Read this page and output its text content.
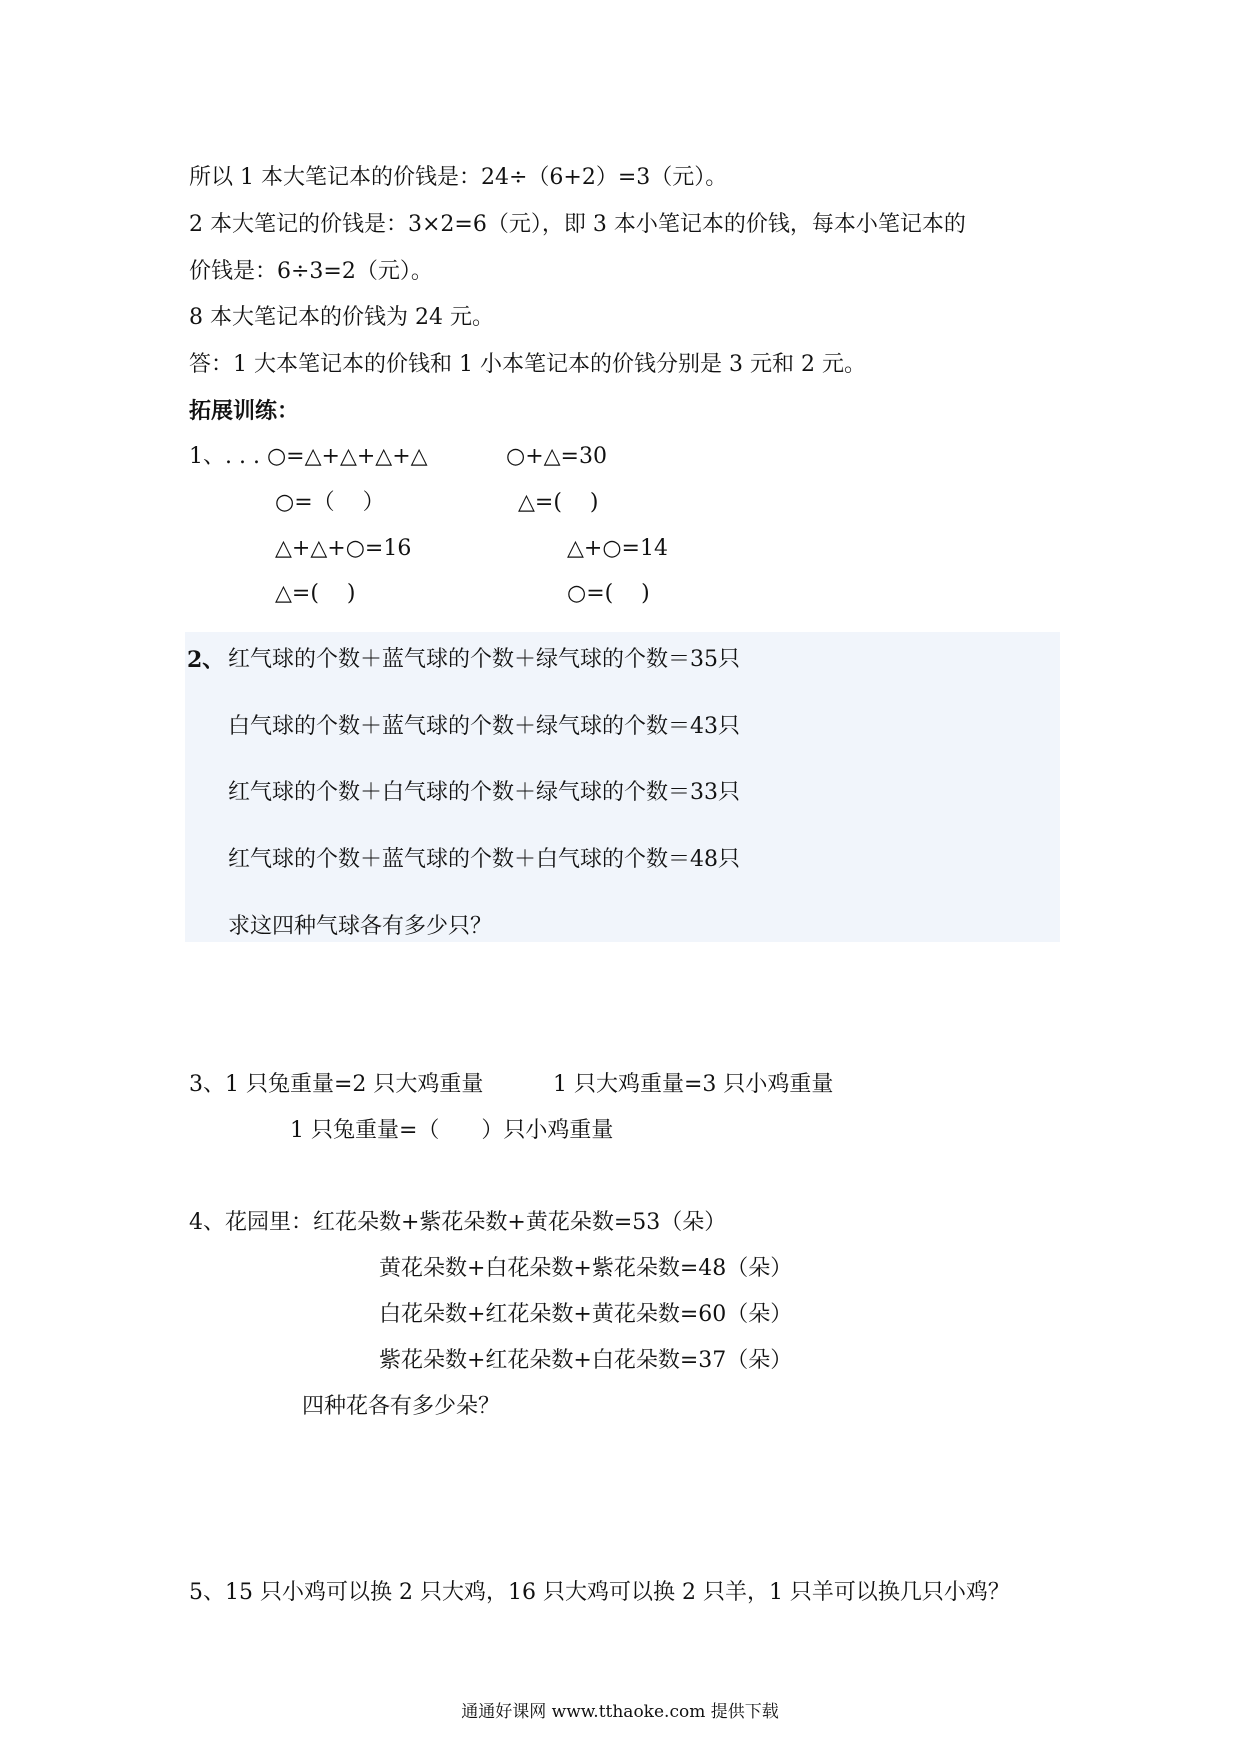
所以 1 本大笔记本的价钱是：24÷（6+2）=3（元）。
2 本大笔记的价钱是：3×2=6（元），即 3 本小笔记本的价钱，每本小笔记本的
价钱是：6÷3=2（元）。
8 本大笔记本的价钱为 24 元。
答：1 大本笔记本的价钱和 1 小本笔记本的价钱分别是 3 元和 2 元。
拓展训练：
1、. . . ○=△+△+△+△	○+△=30
○=（    ）	△=(    )
△+△+○=16	△+○=14
△=(    )	○=(    )
2、 红气球的个数＋蓝气球的个数＋绿气球的个数＝35只
白气球的个数＋蓝气球的个数＋绿气球的个数＝43只
红气球的个数＋白气球的个数＋绿气球的个数＝33只
红气球的个数＋蓝气球的个数＋白气球的个数＝48只
求这四种气球各有多少只？
3、1 只兔重量=2 只大鸡重量	1 只大鸡重量=3 只小鸡重量
1 只兔重量=（      ）只小鸡重量
4、花园里：红花朵数+紫花朵数+黄花朵数=53（朵）
黄花朵数+白花朵数+紫花朵数=48（朵）
白花朵数+红花朵数+黄花朵数=60（朵）
紫花朵数+红花朵数+白花朵数=37（朵）
四种花各有多少朵？
5、15 只小鸡可以换 2 只大鸡，16 只大鸡可以换 2 只羊，1 只羊可以换几只小鸡？
通通好课网 www.tthaoke.com 提供下载
